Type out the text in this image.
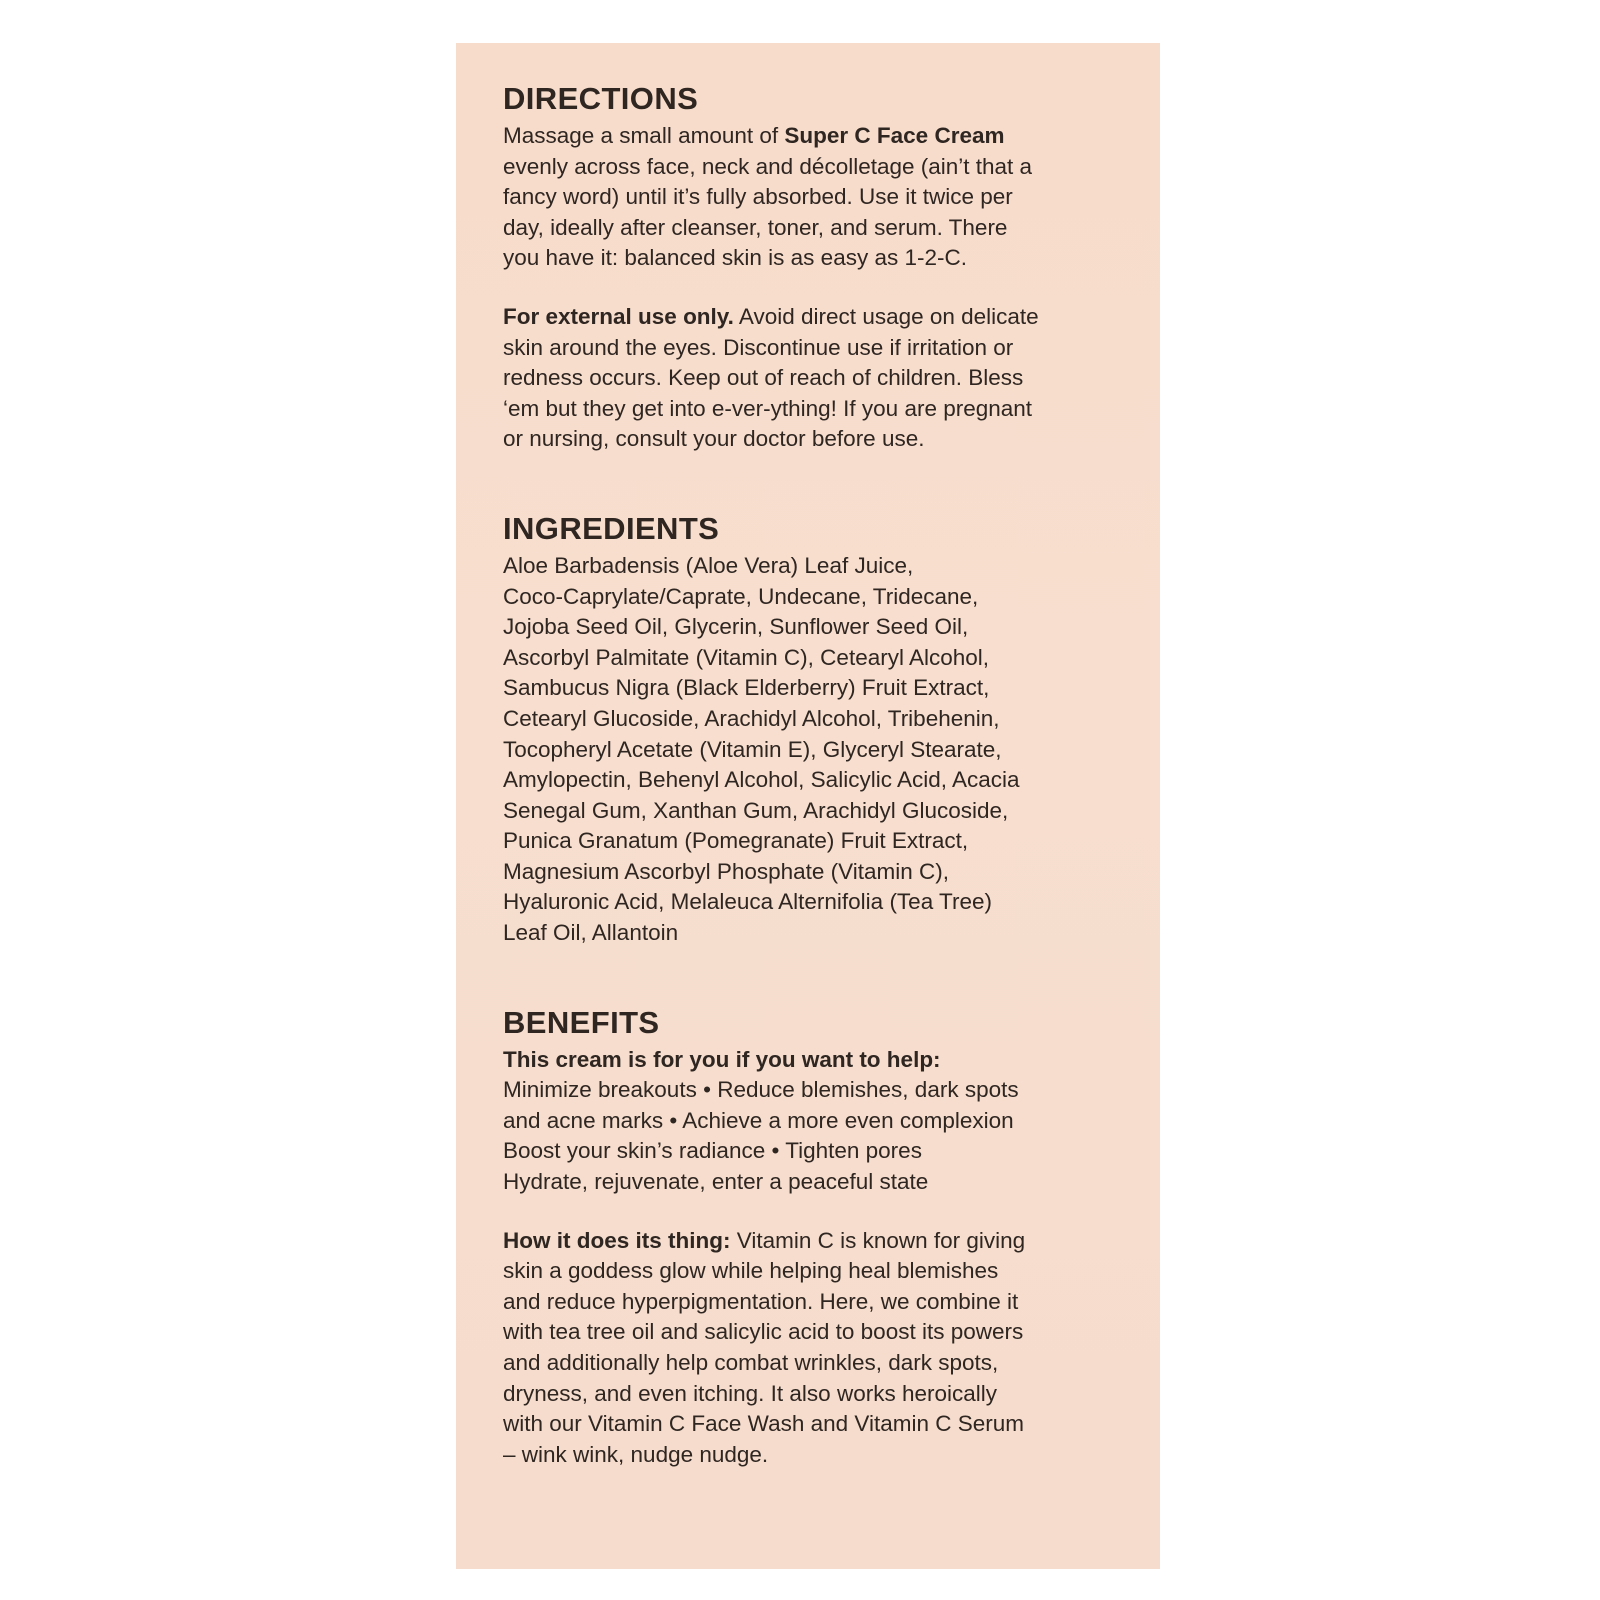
DIRECTIONS

Massage a small amount of Super C Face Cream
evenly across face, neck and décolletage (ain’t that a
fancy word) until it’s fully absorbed. Use it twice per
day, ideally after cleanser, toner, and serum. There
you have it: balanced skin is as easy as 1-2-C.

For external use only. Avoid direct usage on delicate
skin around the eyes. Discontinue use if irritation or
redness occurs. Keep out of reach of children. Bless
‘em but they get into e-ver-ything! If you are pregnant
or nursing, consult your doctor before use.

INGREDIENTS

Aloe Barbadensis (Aloe Vera) Leaf Juice,
Coco-Caprylate/Caprate, Undecane, Tridecane,
Jojoba Seed Oil, Glycerin, Sunflower Seed Oil,
Ascorbyl Palmitate (Vitamin C), Cetearyl Alcohol,
Sambucus Nigra (Black Elderberry) Fruit Extract,
Cetearyl Glucoside, Arachidyl Alcohol, Tribehenin,
Tocopheryl Acetate (Vitamin E), Glyceryl Stearate,
Amylopectin, Behenyl Alcohol, Salicylic Acid, Acacia
Senegal Gum, Xanthan Gum, Arachidyl Glucoside,
Punica Granatum (Pomegranate) Fruit Extract,
Magnesium Ascorbyl Phosphate (Vitamin C),
Hyaluronic Acid, Melaleuca Alternifolia (Tea Tree)
Leaf Oil, Allantoin

BENEFITS

This cream is for you if you want to help:
Minimize breakouts • Reduce blemishes, dark spots
and acne marks • Achieve a more even complexion
Boost your skin’s radiance • Tighten pores
Hydrate, rejuvenate, enter a peaceful state

How it does its thing: Vitamin C is known for giving
skin a goddess glow while helping heal blemishes
and reduce hyperpigmentation. Here, we combine it
with tea tree oil and salicylic acid to boost its powers
and additionally help combat wrinkles, dark spots,
dryness, and even itching. It also works heroically
with our Vitamin C Face Wash and Vitamin C Serum
– wink wink, nudge nudge.
